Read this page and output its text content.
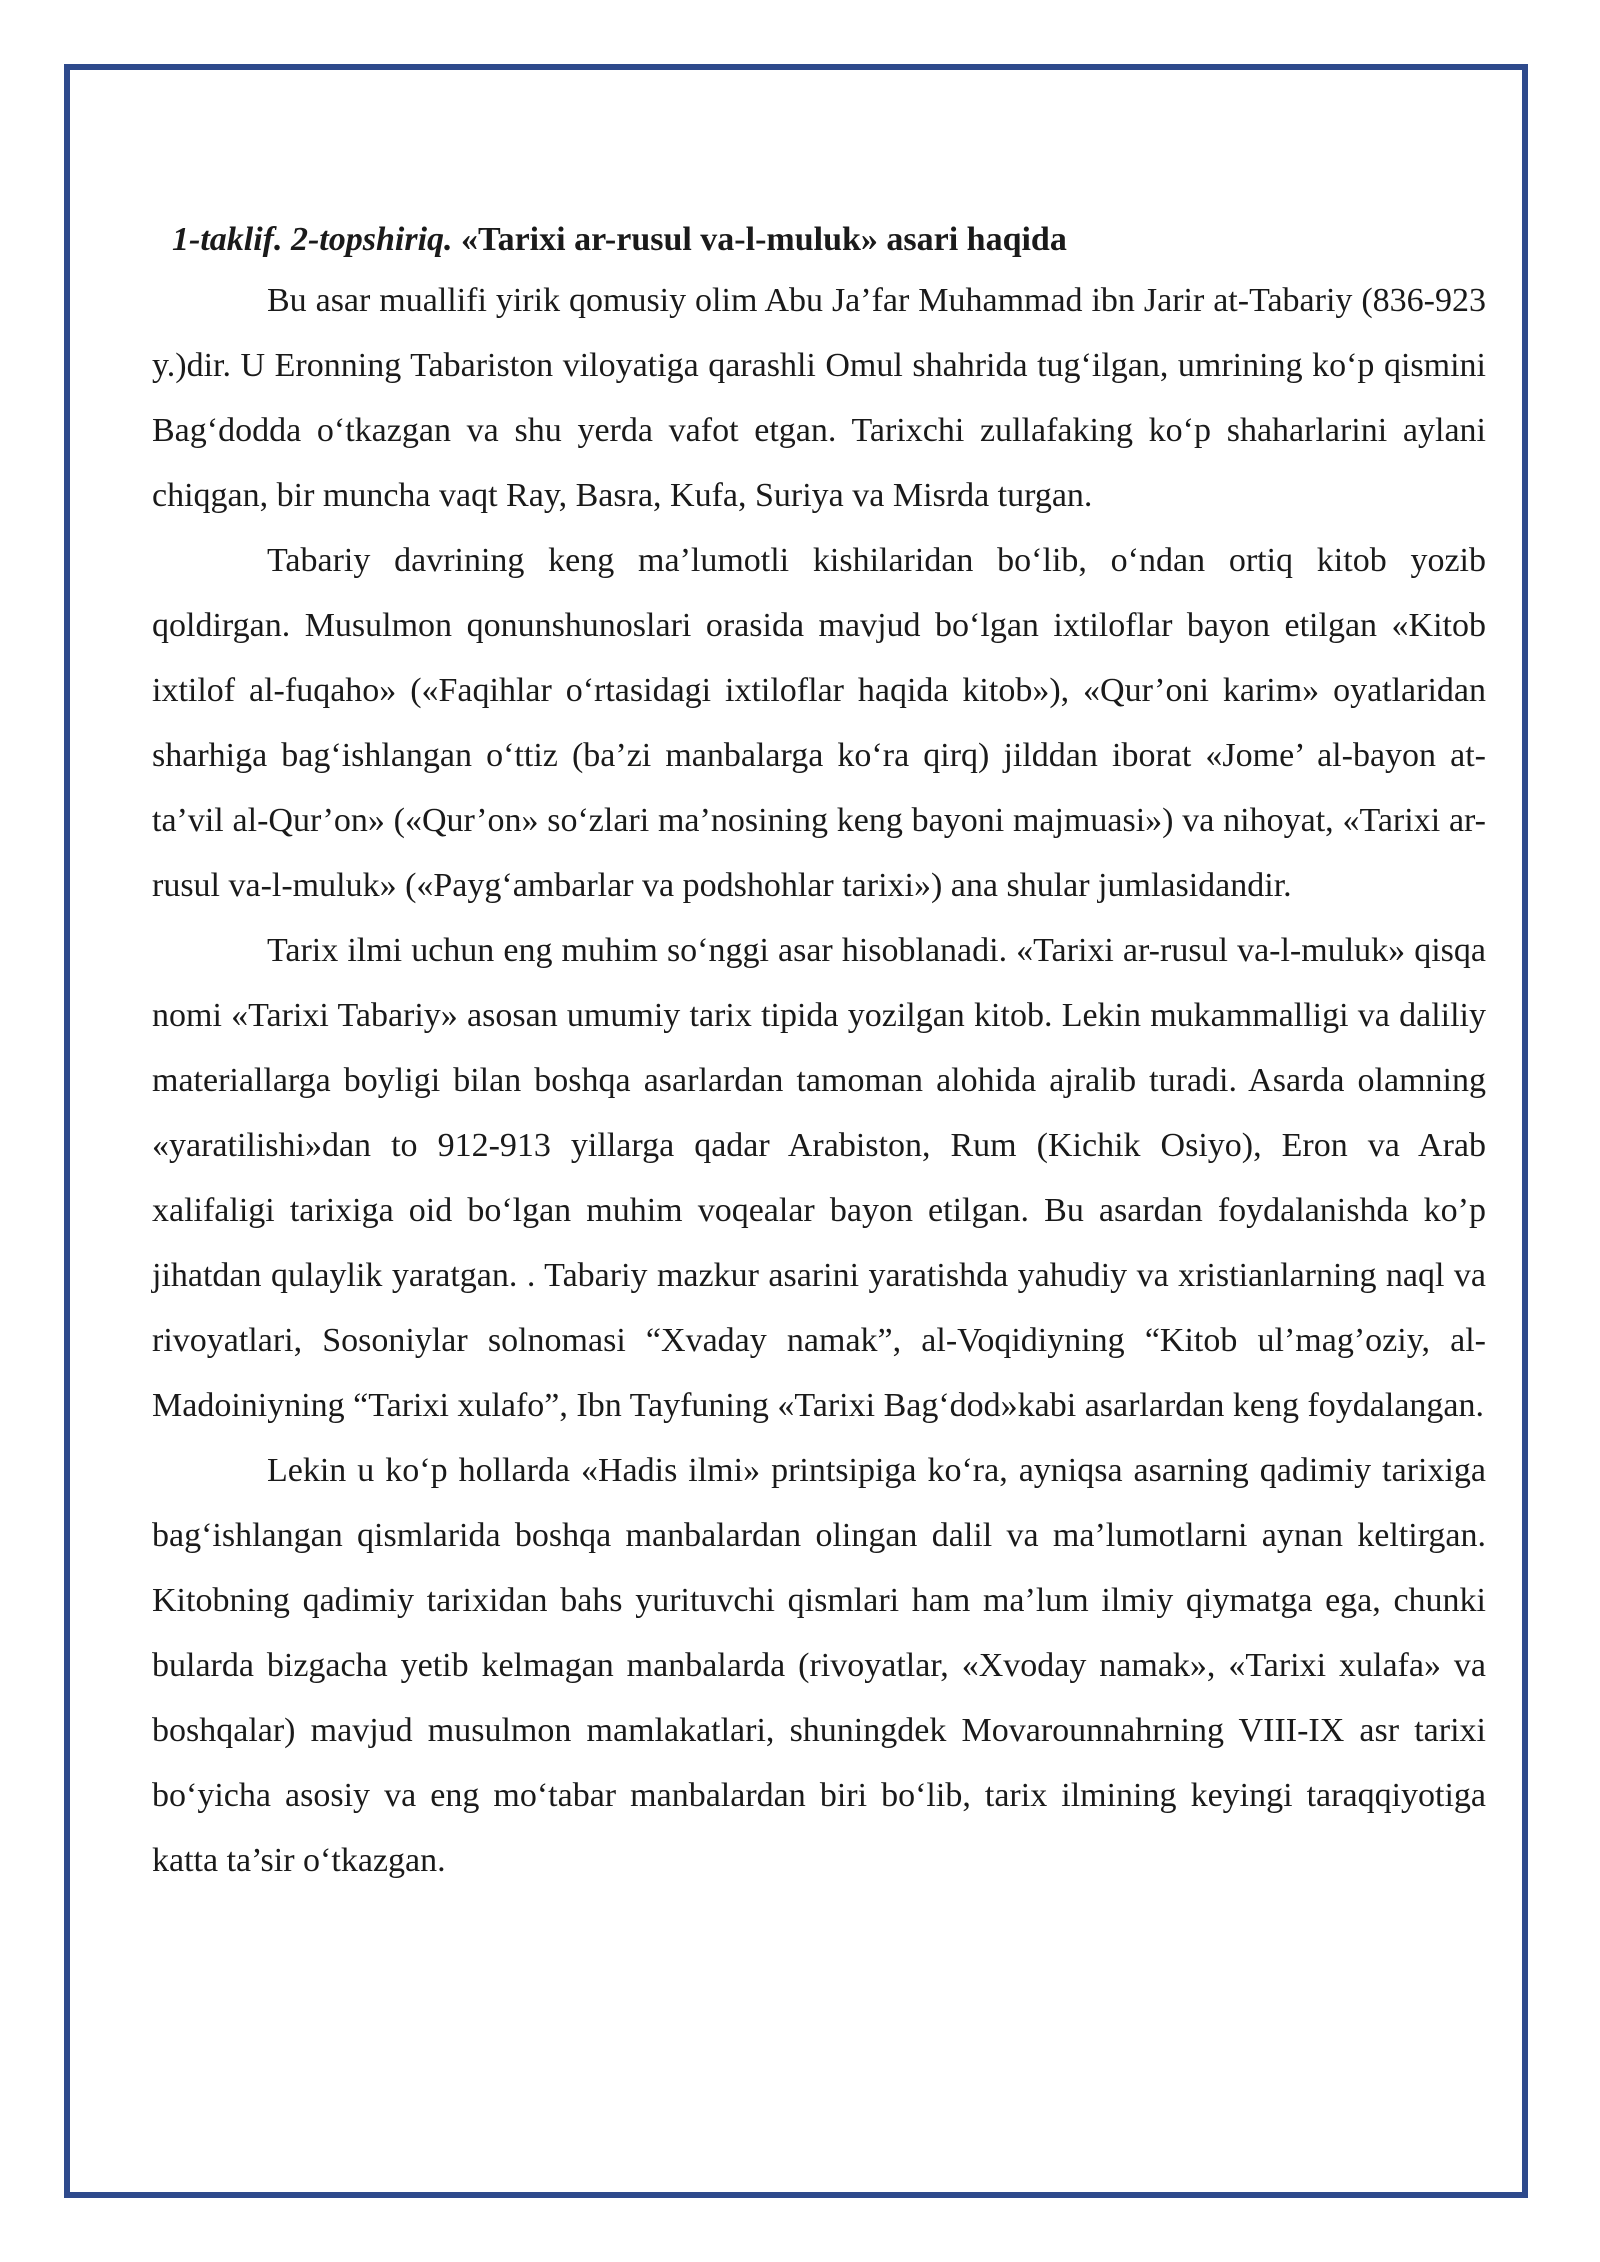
1-taklif. 2-topshiriq. «Tarixi ar-rusul va-l-muluk» asari haqida

Bu asar muallifi yirik qomusiy olim Abu Ja’far Muhammad ibn Jarir at-Tabariy (836-923 y.)dir. U Eronning Tabariston viloyatiga qarashli Omul shahrida tug‘ilgan, umrining ko‘p qismini Bag‘dodda o‘tkazgan va shu yerda vafot etgan. Tarixchi zullafaking ko‘p shaharlarini aylani chiqgan, bir muncha vaqt Ray, Basra, Kufa, Suriya va Misrda turgan.

Tabariy davrining keng ma’lumotli kishilaridan bo‘lib, o‘ndan ortiq kitob yozib qoldirgan. Musulmon qonunshunoslari orasida mavjud bo‘lgan ixtiloflar bayon etilgan «Kitob ixtilof al-fuqaho» («Faqihlar o‘rtasidagi ixtiloflar haqida kitob»), «Qur’oni karim» oyatlaridan sharhiga bag‘ishlangan o‘ttiz (ba’zi manbalarga ko‘ra qirq) jilddan iborat «Jome’ al-bayon at-ta’vil al-Qur’on» («Qur’on» so‘zlari ma’nosining keng bayoni majmuasi») va nihoyat, «Tarixi ar-rusul va-l-muluk» («Payg‘ambarlar va podshohlar tarixi») ana shular jumlasidandir.

Tarix ilmi uchun eng muhim so‘nggi asar hisoblanadi. «Tarixi ar-rusul va-l-muluk» qisqa nomi «Tarixi Tabariy» asosan umumiy tarix tipida yozilgan kitob. Lekin mukammalligi va daliliy materiallarga boyligi bilan boshqa asarlardan tamoman alohida ajralib turadi. Asarda olamning «yaratilishi»dan to 912-913 yillarga qadar Arabiston, Rum (Kichik Osiyo), Eron va Arab xalifaligi tarixiga oid bo‘lgan muhim voqealar bayon etilgan. Bu asardan foydalanishda ko’p jihatdan qulaylik yaratgan. . Tabariy mazkur asarini yaratishda yahudiy va xristianlarning naql va rivoyatlari, Sosoniylar solnomasi “Xvaday namak”, al-Voqidiyning “Kitob ul’mag’oziy, al-Madoiniyning “Tarixi xulafo”, Ibn Tayfuning «Tarixi Bag‘dod»kabi asarlardan keng foydalangan.

Lekin u ko‘p hollarda «Hadis ilmi» printsipiga ko‘ra, ayniqsa asarning qadimiy tarixiga bag‘ishlangan qismlarida boshqa manbalardan olingan dalil va ma’lumotlarni aynan keltirgan. Kitobning qadimiy tarixidan bahs yurituvchi qismlari ham ma’lum ilmiy qiymatga ega, chunki bularda bizgacha yetib kelmagan manbalarda (rivoyatlar, «Xvoday namak», «Tarixi xulafa» va boshqalar) mavjud musulmon mamlakatlari, shuningdek Movarounnahrning VIII-IX asr tarixi bo‘yicha asosiy va eng mo‘tabar manbalardan biri bo‘lib, tarix ilmining keyingi taraqqiyotiga katta ta’sir o‘tkazgan.
